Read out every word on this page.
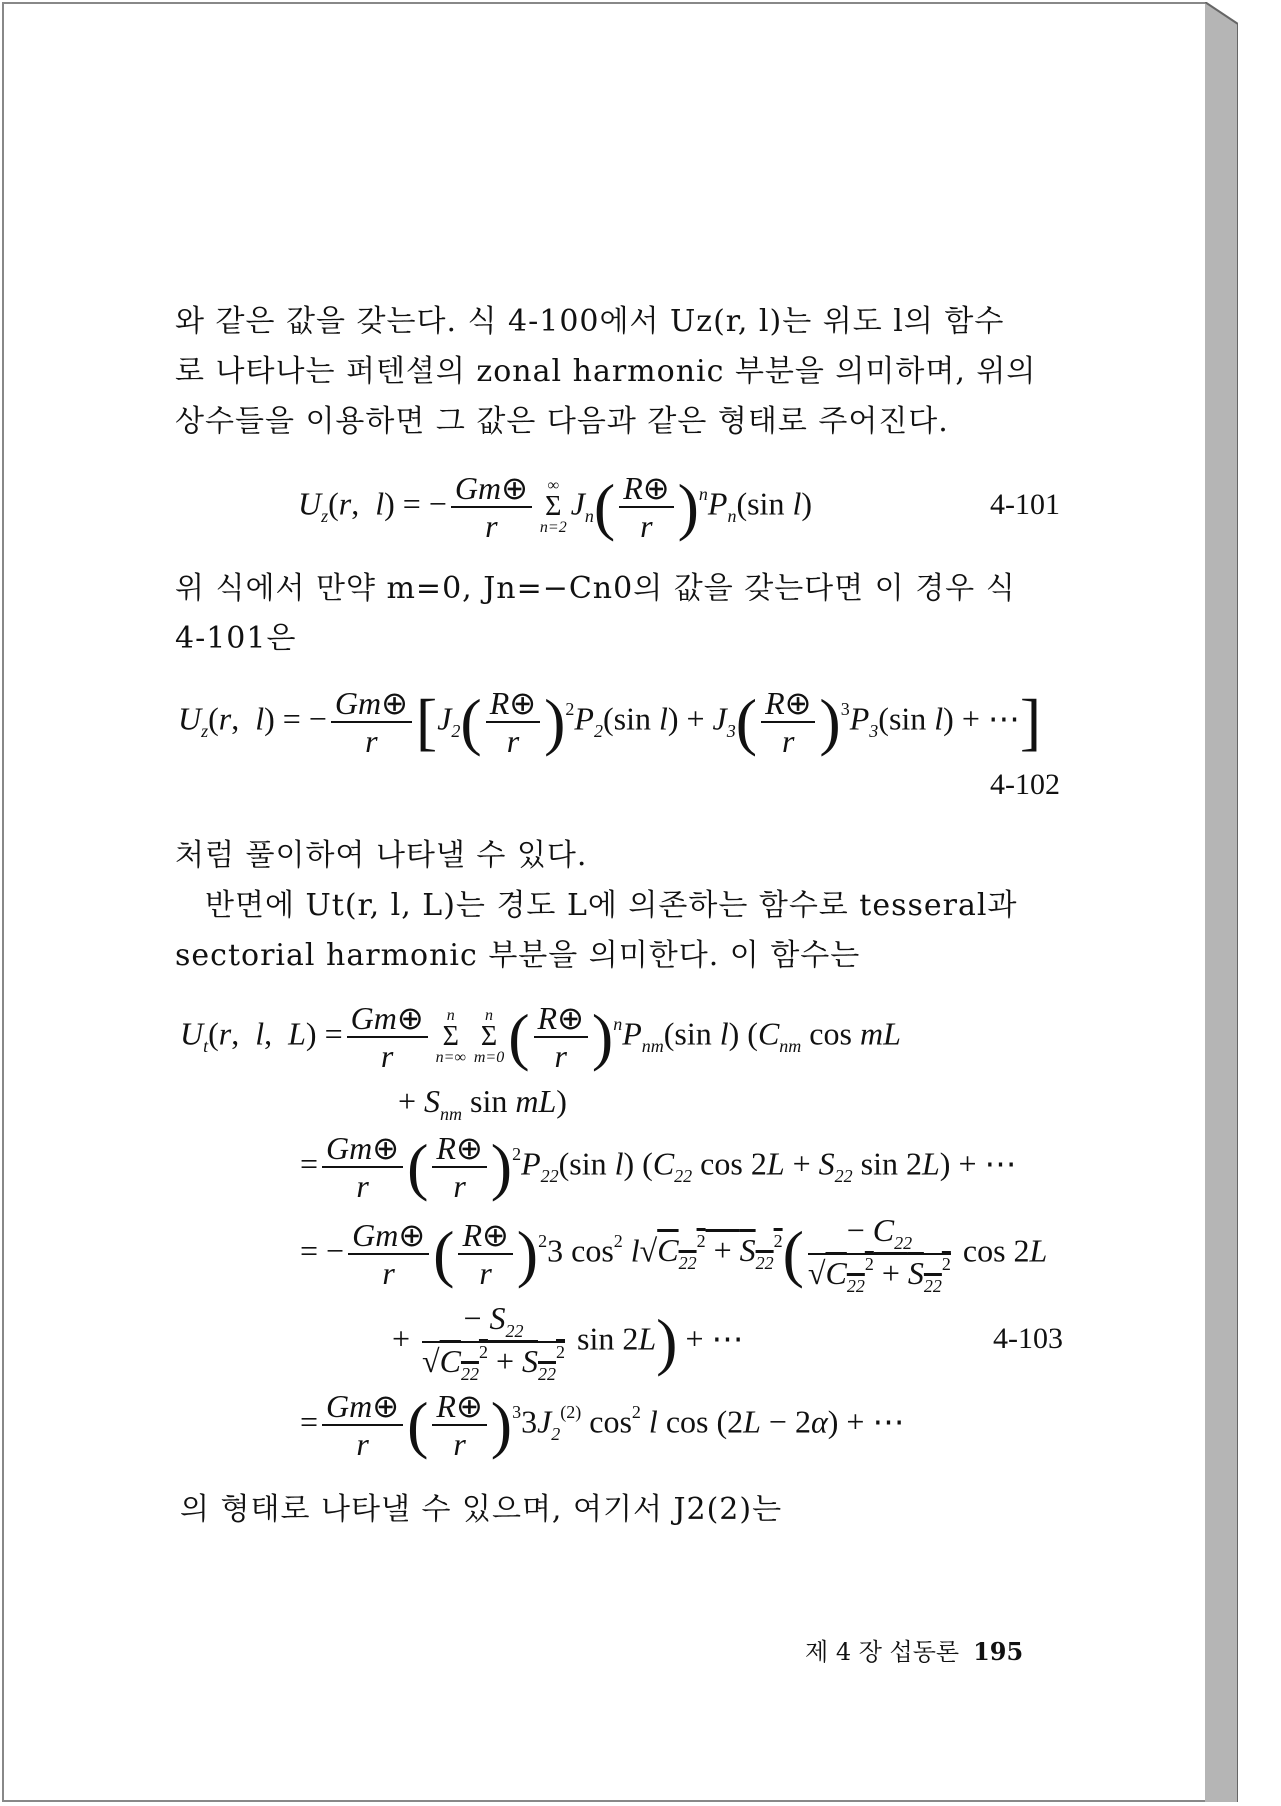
와 같은 값을 갖는다. 식 4-100에서 Uz(r, l)는 위도 l의 함수
로 나타나는 퍼텐셜의 zonal harmonic 부분을 의미하며, 위의
상수들을 이용하면 그 값은 다음과 같은 형태로 주어진다.
$U_z(r$,  l) = − $\frac{Gm\oplus}{r}$ ∞
Σ
n=2
$J_n( \frac{R\oplus}{r} )^nP_n(\sin$ l)	4-101
위 식에서 만약 m=0, Jn=−Cn0의 값을 갖는다면 이 경우 식
4-101은
$U_z(r$,  l) = − $\frac{Gm\oplus}{r} [J_2( \frac{R\oplus}{r} )^2P_2(\sin$ $l) + J_3( \frac{R\oplus}{r} )^3P_3(\sin$ l) + ⋯]
4-102
처럼 풀이하여 나타낼 수 있다.
반면에 Ut(r, l, L)는 경도 L에 의존하는 함수로 tesseral과
sectorial harmonic 부분을 의미한다. 이 함수는
$U_t(r$,  l,  $L) = \frac{Gm\oplus}{r}$	n
Σ
n=∞
n
Σ
m=0 ( $\frac{R\oplus}{r} )^nP_{nm}(\sin$ l) ($C_{nm}$ cos mL
+ $S_{nm}$ sin mL)
= $\frac{Gm\oplus}{r}$ ( $\frac{R\oplus}{r} )^2P_{22}(\sin$ l) ($C_{22}$ $\cos 2L + S_{22}$ sin 2L) + ⋯
= − $\frac{Gm\oplus}{r}$ ( $\frac{R\oplus}{r} )^23$ $\cos^2 l√C_{22}^2 + S_{22}^2( \frac{- C_{22}}{√C_{22}^2 + S_{22}^2}$ cos 2L
+ $\frac{- S_{22}}{√C_{22}^2 + S_{22}^2}$ sin 2L) + ⋯	4-103
= $\frac{Gm\oplus}{r}$ ( $\frac{R\oplus}{r} )^33J_2^{(2)}$ $\cos^2 l$ cos (2L − 2α) + ⋯
의 형태로 나타낼 수 있으며, 여기서 J2(2)는
제 4 장 섭동론 195
